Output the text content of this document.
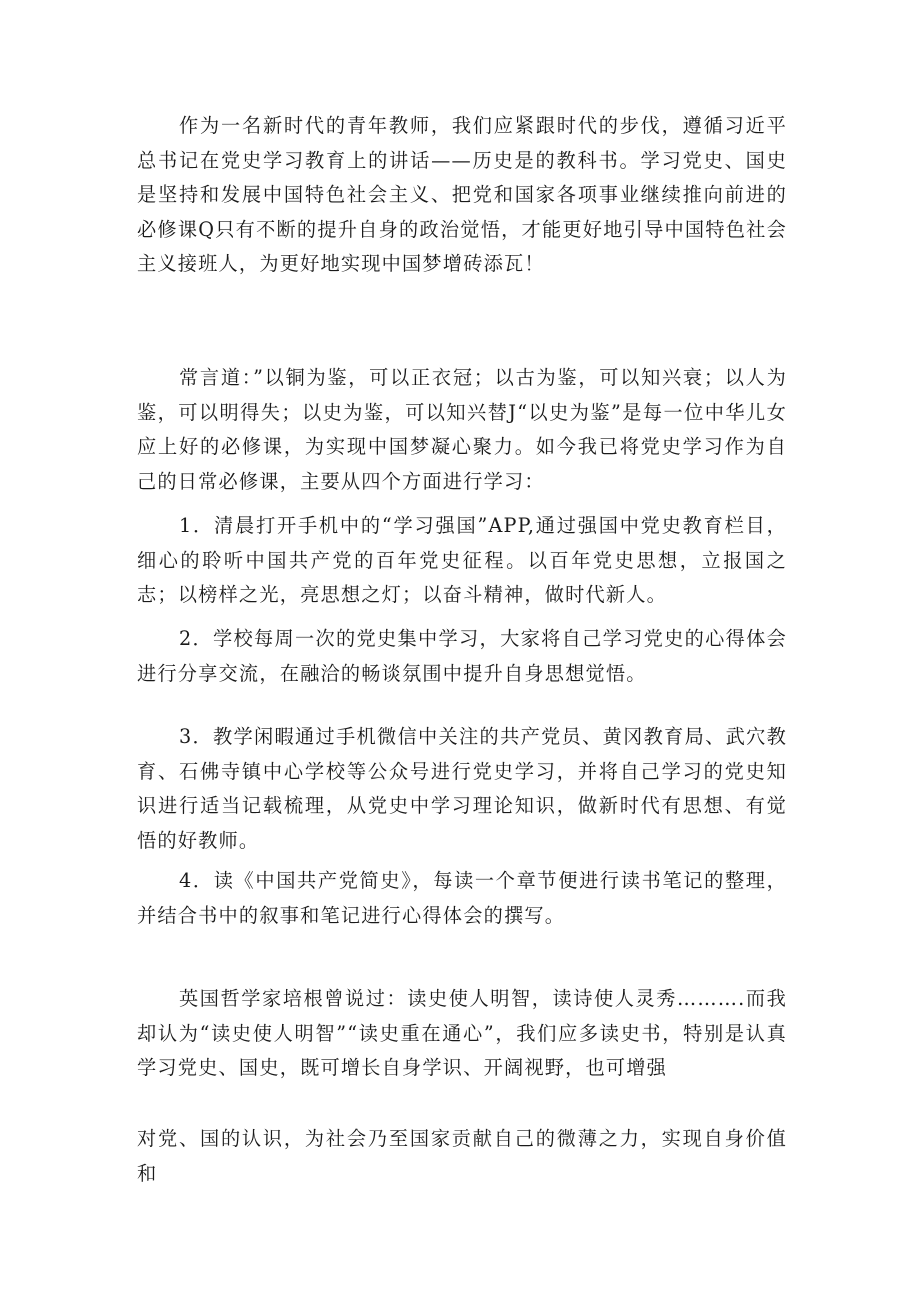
作为一名新时代的青年教师，我们应紧跟时代的步伐，遵循习近平总书记在党史学习教育上的讲话——历史是的教科书。学习党史、国史是坚持和发展中国特色社会主义、把党和国家各项事业继续推向前进的必修课Q只有不断的提升自身的政治觉悟，才能更好地引导中国特色社会主义接班人，为更好地实现中国梦增砖添瓦！

常言道：”以铜为鉴，可以正衣冠；以古为鉴，可以知兴衰；以人为鉴，可以明得失；以史为鉴，可以知兴替J“以史为鉴”是每一位中华儿女应上好的必修课，为实现中国梦凝心聚力。如今我已将党史学习作为自己的日常必修课，主要从四个方面进行学习：

1．清晨打开手机中的“学习强国”APP,通过强国中党史教育栏目，细心的聆听中国共产党的百年党史征程。以百年党史思想，立报国之志；以榜样之光，亮思想之灯；以奋斗精神，做时代新人。

2．学校每周一次的党史集中学习，大家将自己学习党史的心得体会进行分享交流，在融洽的畅谈氛围中提升自身思想觉悟。

3．教学闲暇通过手机微信中关注的共产党员、黄冈教育局、武穴教育、石佛寺镇中心学校等公众号进行党史学习，并将自己学习的党史知识进行适当记载梳理，从党史中学习理论知识，做新时代有思想、有觉悟的好教师。

4．读《中国共产党简史》，每读一个章节便进行读书笔记的整理，并结合书中的叙事和笔记进行心得体会的撰写。

英国哲学家培根曾说过：读史使人明智，读诗使人灵秀……….而我却认为“读史使人明智”“读史重在通心”，我们应多读史书，特别是认真学习党史、国史，既可增长自身学识、开阔视野，也可增强

对党、国的认识，为社会乃至国家贡献自己的微薄之力，实现自身价值和
